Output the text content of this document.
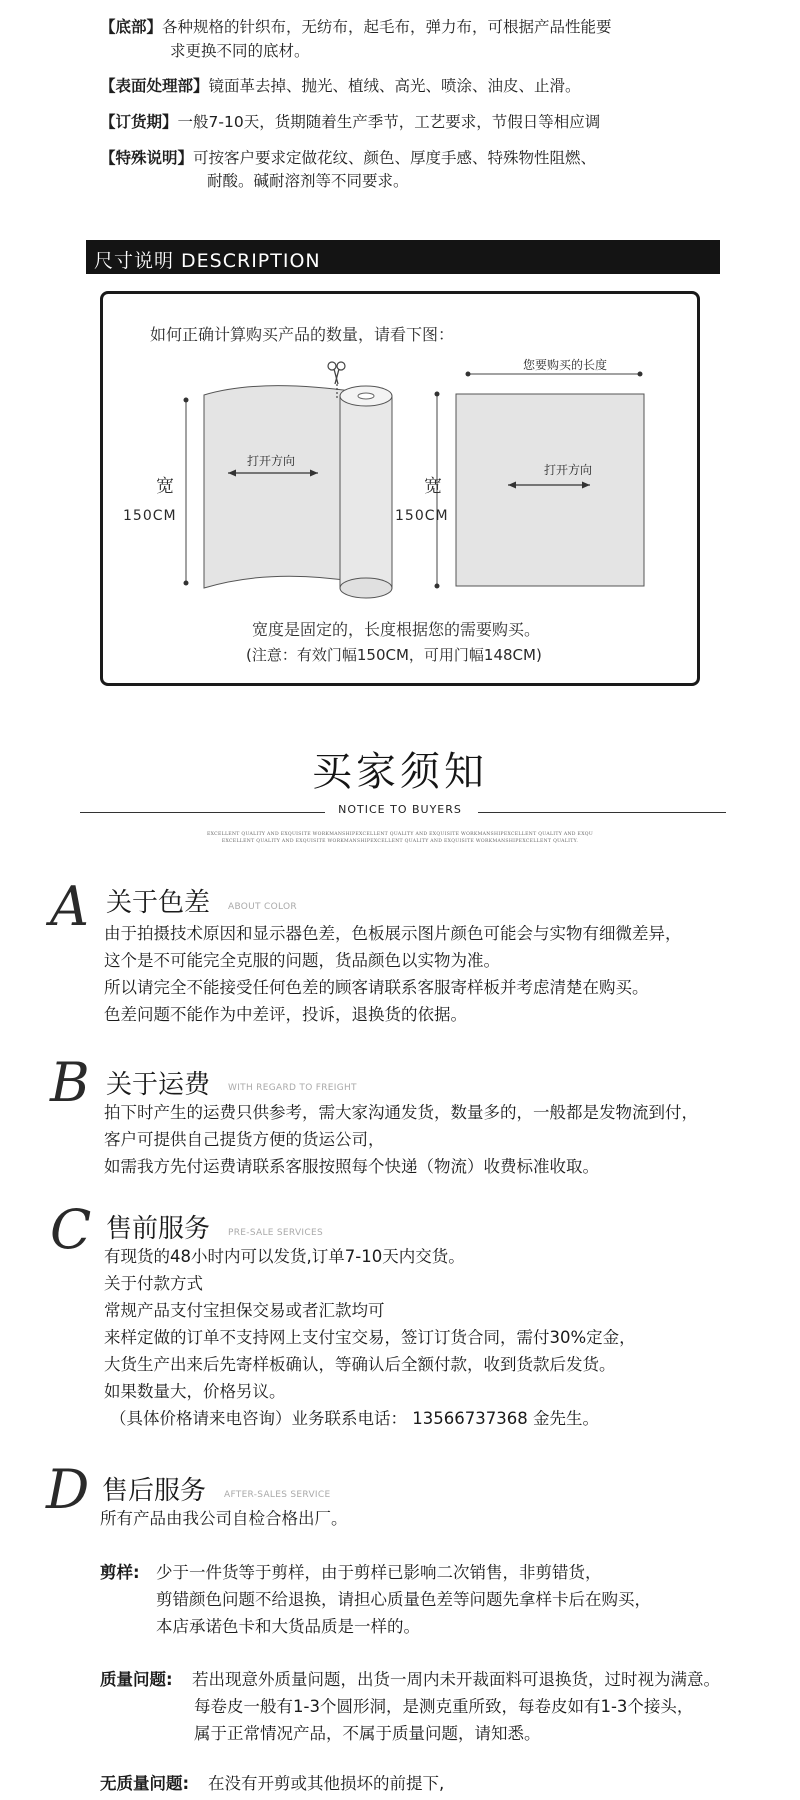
【底部】各种规格的针织布，无纺布，起毛布，弹力布，可根据产品性能要
求更换不同的底材。
【表面处理部】镜面革去掉、抛光、植绒、高光、喷涂、油皮、止滑。
【订货期】一般7-10天，货期随着生产季节，工艺要求，节假日等相应调
【特殊说明】可按客户要求定做花纹、颜色、厚度手感、特殊物性阻燃、
耐酸。碱耐溶剂等不同要求。
尺寸说明 DESCRIPTION
如何正确计算购买产品的数量，请看下图：
打开方向
宽
150CM
您要购买的长度
打开方向
宽
150CM
宽度是固定的，长度根据您的需要购买。
(注意：有效门幅150CM，可用门幅148CM)
买家须知
NOTICE TO BUYERS
EXCELLENT QUALITY AND EXQUISITE WORKMANSHIPEXCELLENT QUALITY AND EXQUISITE WORKMANSHIPEXCELLENT QUALITY AND EXQU
EXCELLENT QUALITY AND EXQUISITE WORKMANSHIPEXCELLENT QUALITY AND EXQUISITE WORKMANSHIPEXCELLENT QUALITY.
A 关于色差 ABOUT COLOR
由于拍摄技术原因和显示器色差，色板展示图片颜色可能会与实物有细微差异，
这个是不可能完全克服的问题，货品颜色以实物为准。
所以请完全不能接受任何色差的顾客请联系客服寄样板并考虑清楚在购买。
色差问题不能作为中差评，投诉，退换货的依据。
B 关于运费 WITH REGARD TO FREIGHT
拍下时产生的运费只供参考，需大家沟通发货，数量多的，一般都是发物流到付，
客户可提供自己提货方便的货运公司，
如需我方先付运费请联系客服按照每个快递（物流）收费标准收取。
C 售前服务 PRE-SALE SERVICES
有现货的48小时内可以发货,订单7-10天内交货。
关于付款方式
常规产品支付宝担保交易或者汇款均可
来样定做的订单不支持网上支付宝交易，签订订货合同，需付30%定金，
大货生产出来后先寄样板确认，等确认后全额付款，收到货款后发货。
如果数量大，价格另议。
（具体价格请来电咨询）业务联系电话： 13566737368 金先生。
D 售后服务 AFTER-SALES SERVICE
所有产品由我公司自检合格出厂。
剪样: 少于一件货等于剪样，由于剪样已影响二次销售，非剪错货，
剪错颜色问题不给退换，请担心质量色差等问题先拿样卡后在购买，
本店承诺色卡和大货品质是一样的。
质量问题: 若出现意外质量问题，出货一周内未开裁面料可退换货，过时视为满意。
每卷皮一般有1-3个圆形洞，是测克重所致，每卷皮如有1-3个接头，
属于正常情况产品，不属于质量问题，请知悉。
无质量问题: 在没有开剪或其他损坏的前提下,
